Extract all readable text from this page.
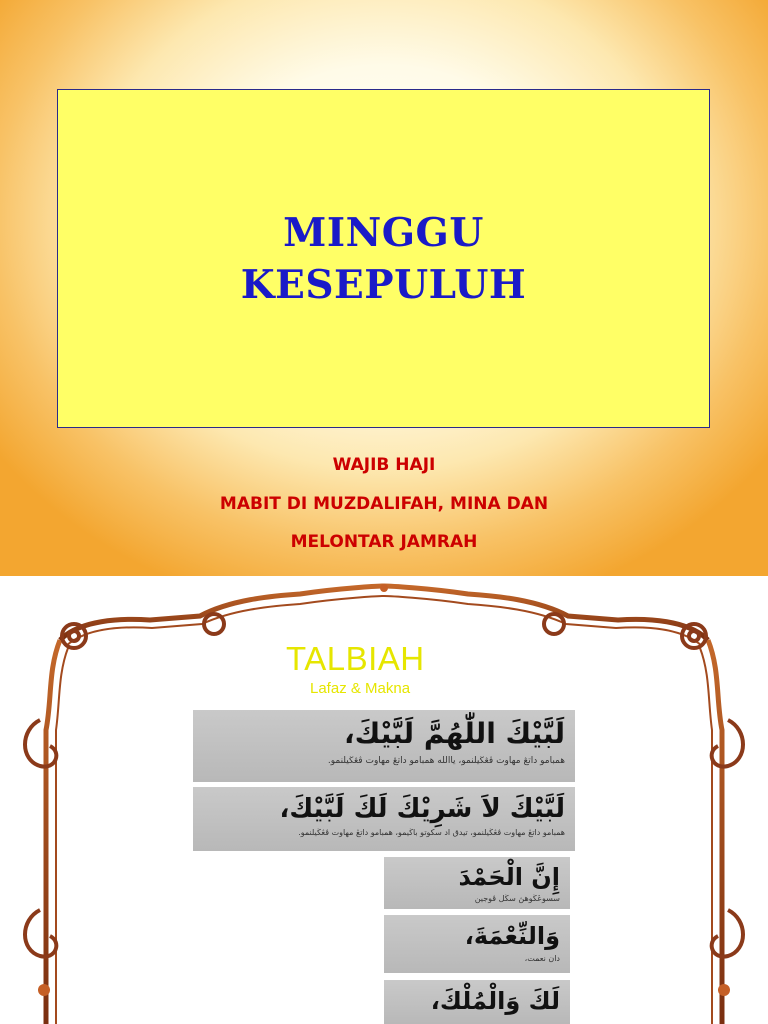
MINGGU
KESEPULUH
WAJIB HAJI
MABIT DI MUZDALIFAH, MINA DAN
MELONTAR JAMRAH
TALBIAH
Lafaz & Makna
لَبَّيْكَ اللّٰهُمَّ لَبَّيْكَ،
همبامو داتڠ مهاوت ڤڠڬيلنمو، ياالله همبامو داتڠ مهاوت ڤڠڬيلنمو.
لَبَّيْكَ لاَ شَرِيْكَ لَكَ لَبَّيْكَ،
همبامو داتڠ مهاوت ڤڠڬيلنمو، تيدق اد سکوتو باڬيمو، همبامو داتڠ مهاوت ڤڠڬيلنمو.
إِنَّ الْحَمْدَ
سسوڠڬوهڽ سڬل ڤوجين
وَالنِّعْمَةَ،
دان نعمت،
لَكَ وَالْمُلْكَ،
